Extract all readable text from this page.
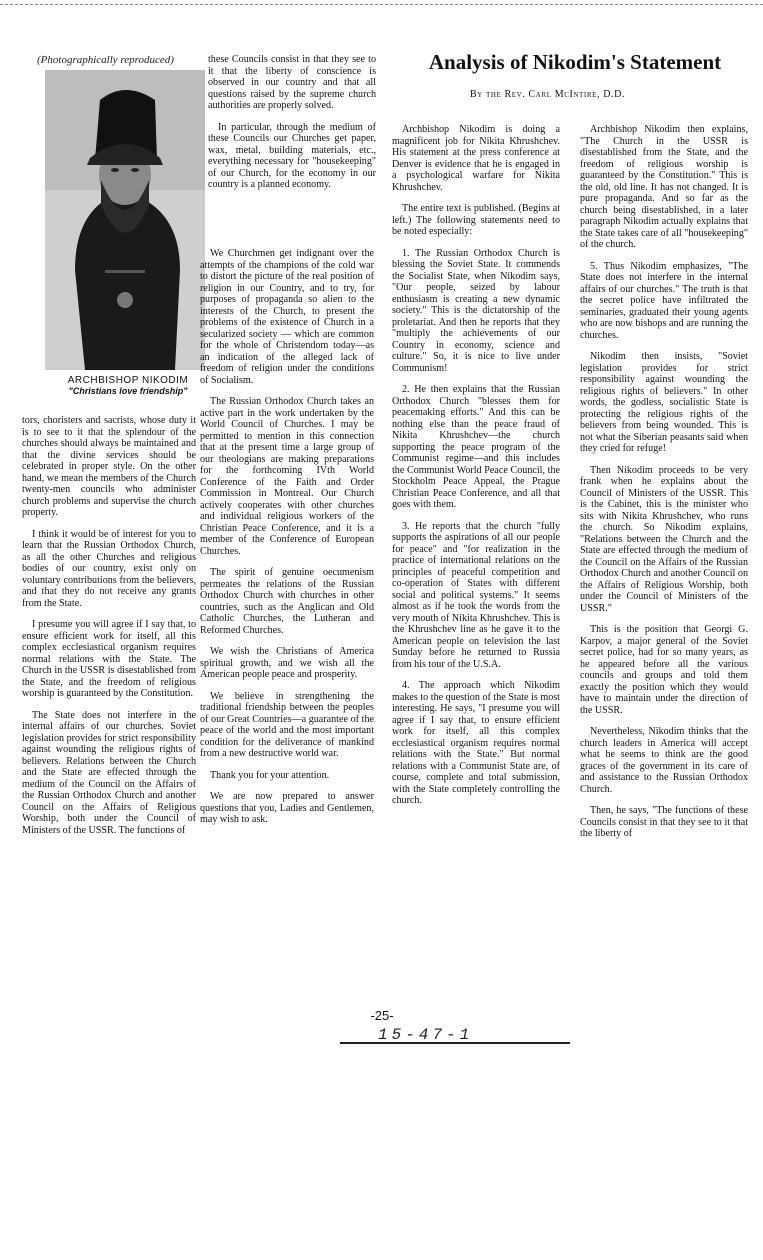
(Photographically reproduced)
ARCHBISHOP NIKODIM
"Christians love friendship"

these Councils consist in that they see to it that the liberty of conscience is observed in our country and that all questions raised by the supreme church authorities are properly solved.

In particular, through the medium of these Councils our Churches get paper, wax, metal, building materials, etc., everything necessary for "housekeeping" of our Church, for the economy in our country is a planned economy.

tors, choristers and sacrists, whose duty it is to see to it that the splendour of the churches should always be maintained and that the divine services should be celebrated in proper style. On the other hand, we mean the members of the Church twenty-men councils who administer church problems and supervise the church property.

I think it would be of interest for you to learn that the Russian Orthodox Church, as all the other Churches and religious bodies of our country, exist only on voluntary contributions from the believers, and that they do not receive any grants from the State.

I presume you will agree if I say that, to ensure efficient work for itself, all this complex ecclesiastical organism requires normal relations with the State. The Church in the USSR is disestablished from the State, and the freedom of religious worship is guaranteed by the Constitution.

The State does not interfere in the internal affairs of our churches. Soviet legislation provides for strict responsibility against wounding the religious rights of believers. Relations between the Church and the State are effected through the medium of the Council on the Affairs of the Russian Orthodox Church and another Council on the Affairs of Religious Worship, both under the Council of Ministers of the USSR. The functions of

We Churchmen get indignant over the attempts of the champions of the cold war to distort the picture of the real position of religion in our Country, and to try, for purposes of propaganda so alien to the interests of the Church, to present the problems of the existence of Church in a secularized society — which are common for the whole of Christendom today—as an indication of the alleged lack of freedom of religion under the conditions of Socialism.

The Russian Orthodox Church takes an active part in the work undertaken by the World Council of Churches. I may be permitted to mention in this connection that at the present time a large group of our theologians are making preparations for the forthcoming IVth World Conference of the Faith and Order Commission in Montreal. Our Church actively cooperates with other churches and individual religious workers of the Christian Peace Conference, and it is a member of the Conference of European Churches.

The spirit of genuine oecumenism permeates the relations of the Russian Orthodox Church with churches in other countries, such as the Anglican and Old Catholic Churches, the Lutheran and Reformed Churches.

We wish the Christians of America spiritual growth, and we wish all the American people peace and prosperity.

We believe in strengthening the traditional friendship between the peoples of our Great Countries—a guarantee of the peace of the world and the most important condition for the deliverance of mankind from a new destructive world war.

Thank you for your attention.

We are now prepared to answer questions that you, Ladies and Gentlemen, may wish to ask.

Analysis of Nikodim's Statement
By the Rev. Carl McIntire, D.D.

Archbishop Nikodim is doing a magnificent job for Nikita Khrushchev. His statement at the press conference at Denver is evidence that he is engaged in a psychological warfare for Nikita Khrushchev.

The entire text is published. (Begins at left.) The following statements need to be noted especially:

1. The Russian Orthodox Church is blessing the Soviet State. It commends the Socialist State, when Nikodim says, "Our people, seized by labour enthusiasm is creating a new dynamic society." This is the dictatorship of the proletariat. And then he reports that they "multiply the achievements of our Country in economy, science and culture." So, it is nice to live under Communism!

2. He then explains that the Russian Orthodox Church "blesses them for peacemaking efforts." And this can be nothing else than the peace fraud of Nikita Khrushchev—the church supporting the peace program of the Communist regime—and this includes the Communist World Peace Council, the Stockholm Peace Appeal, the Prague Christian Peace Conference, and all that goes with them.

3. He reports that the church "fully supports the aspirations of all our people for peace" and "for realization in the practice of international relations on the principles of peaceful competition and co-operation of States with different social and political systems." It seems almost as if he took the words from the very mouth of Nikita Khrushchev. This is the Khrushchev line as he gave it to the American people on television the last Sunday before he returned to Russia from his tour of the U.S.A.

4. The approach which Nikodim makes to the question of the State is most interesting. He says, "I presume you will agree if I say that, to ensure efficient work for itself, all this complex ecclesiastical organism requires normal relations with the State." But normal relations with a Communist State are, of course, complete and total submission, with the State completely controlling the church.

Archbishop Nikodim then explains, "The Church in the USSR is disestablished from the State, and the freedom of religious worship is guaranteed by the Constitution." This is the old, old line. It has not changed. It is pure propaganda. And so far as the church being disestablished, in a later paragraph Nikodim actually explains that the State takes care of all "housekeeping" of the church.

5. Thus Nikodim emphasizes, "The State does not interfere in the internal affairs of our churches." The truth is that the secret police have infiltrated the seminaries, graduated their young agents who are now bishops and are running the churches.

Nikodim then insists, "Soviet legislation provides for strict responsibility against wounding the religious rights of believers." In other words, the godless, socialistic State is protecting the religious rights of the believers from being wounded. This is not what the Siberian peasants said when they cried for refuge!

Then Nikodim proceeds to be very frank when he explains about the Council of Ministers of the USSR. This is the Cabinet, this is the minister who sits with Nikita Khrushchev, who runs the church. So Nikodim explains, "Relations between the Church and the State are effected through the medium of the Council on the Affairs of the Russian Orthodox Church and another Council on the Affairs of Religious Worship, both under the Council of Ministers of the USSR."

This is the position that Georgi G. Karpov, a major general of the Soviet secret police, had for so many years, as he appeared before all the various councils and groups and told them exactly the position which they would have to maintain under the direction of the USSR.

Nevertheless, Nikodim thinks that the church leaders in America will accept what he seems to think are the good graces of the government in its care of and assistance to the Russian Orthodox Church.

Then, he says, "The functions of these Councils consist in that they see to it that the liberty of

-25-
15-47-1
